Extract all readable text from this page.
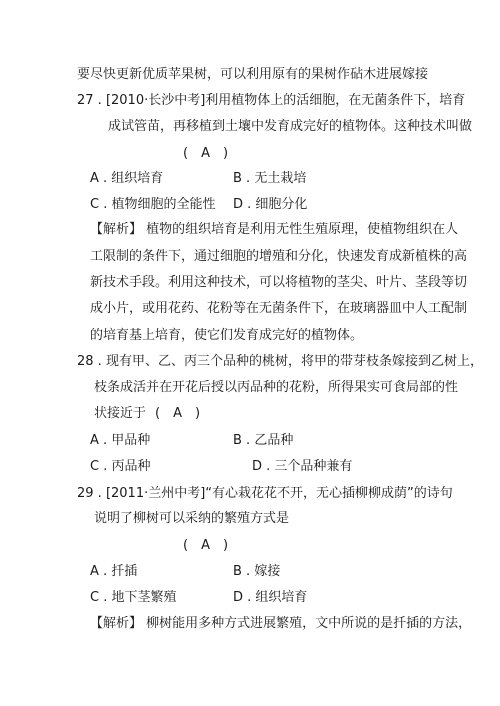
要尽快更新优质苹果树，可以利用原有的果树作砧木进展嫁接
27 . [2010·长沙中考]利用植物体上的活细胞，在无菌条件下，培育
成试管苗，再移植到土壤中发育成完好的植物体。这种技术叫做
(　A　)
A . 组织培育	B . 无土栽培
C . 植物细胞的全能性 D . 细胞分化
【解析】 植物的组织培育是利用无性生殖原理，使植物组织在人
工限制的条件下，通过细胞的增殖和分化，快速发育成新植株的高
新技术手段。利用这种技术，可以将植物的茎尖、叶片、茎段等切
成小片，或用花药、花粉等在无菌条件下，在玻璃器皿中人工配制
的培育基上培育，使它们发育成完好的植物体。
28 . 现有甲、乙、丙三个品种的桃树，将甲的带芽枝条嫁接到乙树上，
枝条成活并在开花后授以丙品种的花粉，所得果实可食局部的性
状接近于 (　A　)
A . 甲品种	B . 乙品种
C . 丙品种	D . 三个品种兼有
29 . [2011·兰州中考]“有心栽花花不开，无心插柳柳成荫”的诗句
说明了柳树可以采纳的繁殖方式是
(　A　)
A . 扦插	B . 嫁接
C . 地下茎繁殖	D . 组织培育
【解析】 柳树能用多种方式进展繁殖，文中所说的是扦插的方法，
